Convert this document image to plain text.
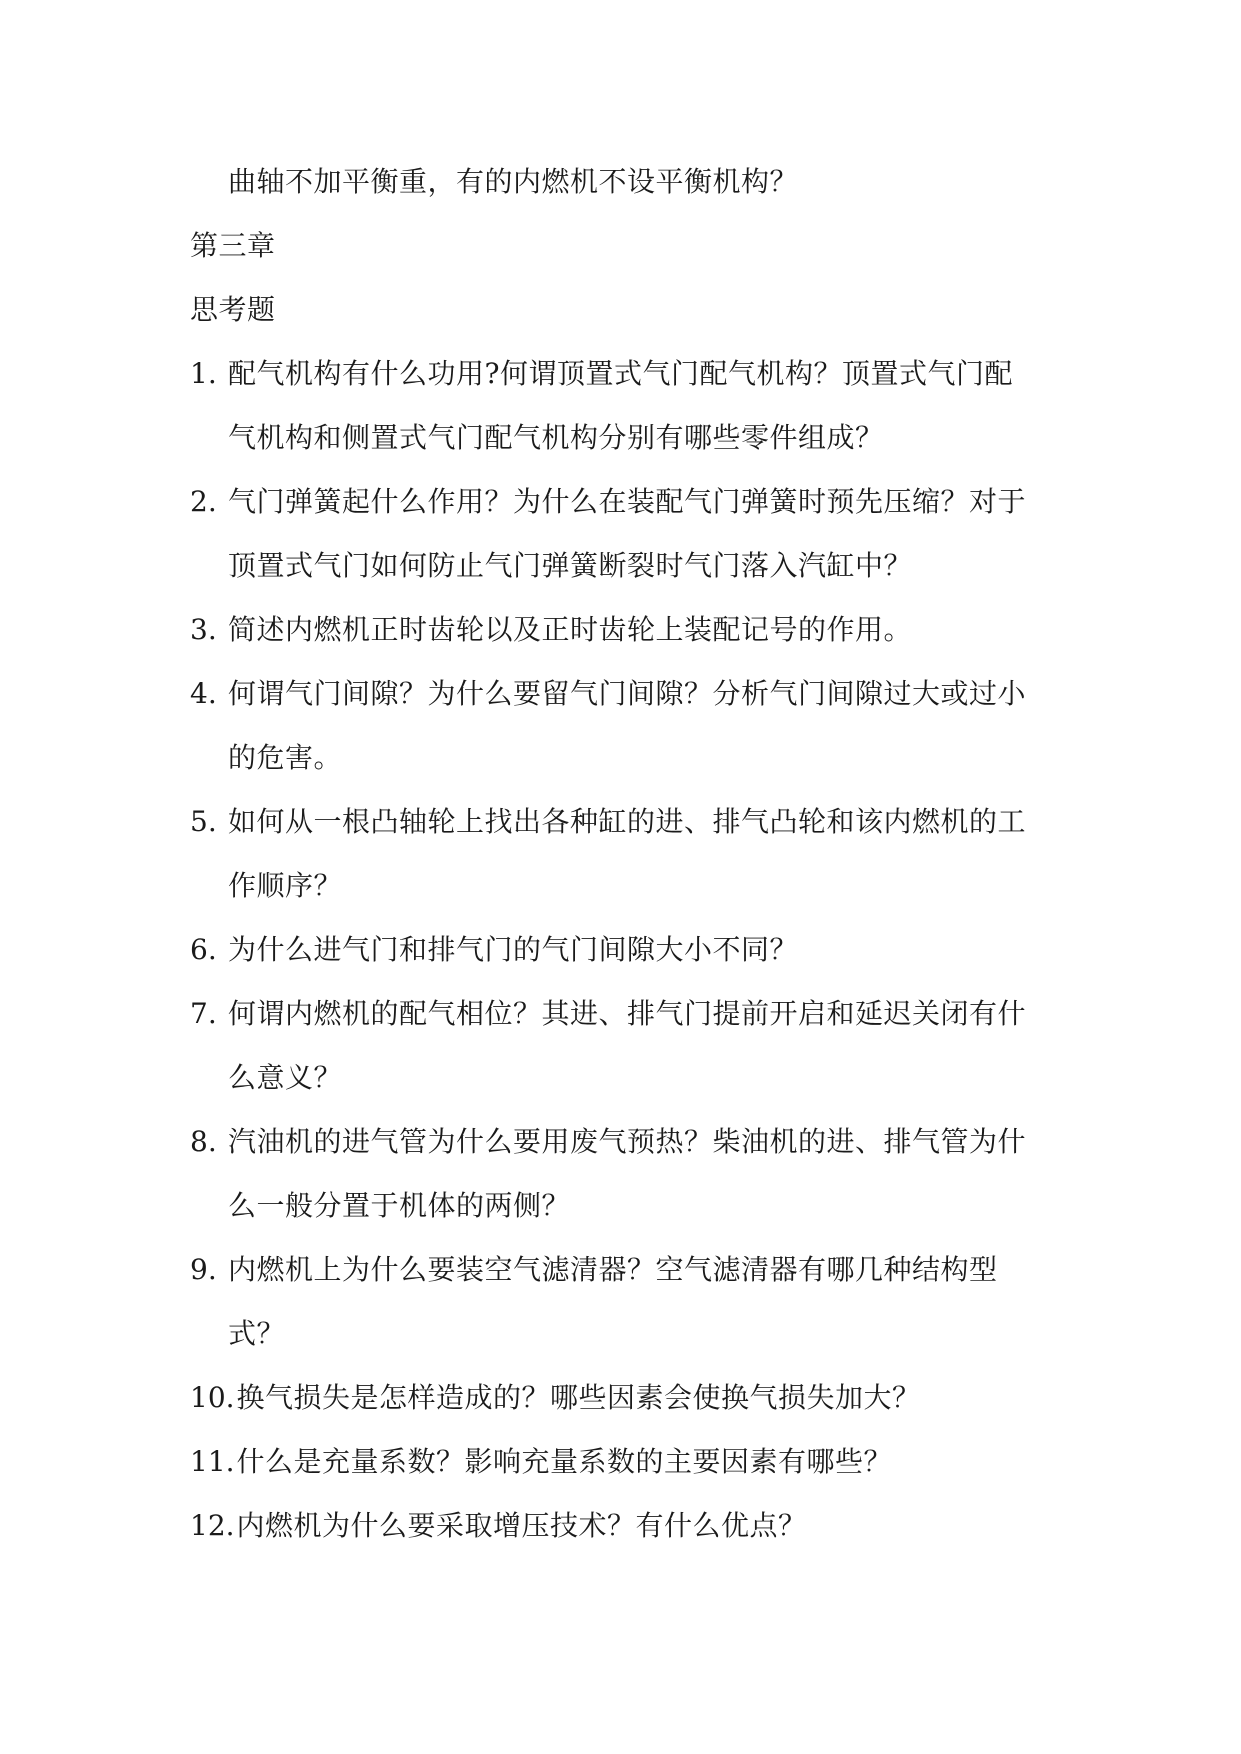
曲轴不加平衡重，有的内燃机不设平衡机构？
第三章
思考题
1. 配气机构有什么功用?何谓顶置式气门配气机构？顶置式气门配
气机构和侧置式气门配气机构分别有哪些零件组成？
2. 气门弹簧起什么作用？为什么在装配气门弹簧时预先压缩？对于
顶置式气门如何防止气门弹簧断裂时气门落入汽缸中？
3. 简述内燃机正时齿轮以及正时齿轮上装配记号的作用。
4. 何谓气门间隙？为什么要留气门间隙？分析气门间隙过大或过小
的危害。
5. 如何从一根凸轴轮上找出各种缸的进、排气凸轮和该内燃机的工
作顺序？
6. 为什么进气门和排气门的气门间隙大小不同？
7. 何谓内燃机的配气相位？其进、排气门提前开启和延迟关闭有什
么意义？
8. 汽油机的进气管为什么要用废气预热？柴油机的进、排气管为什
么一般分置于机体的两侧？
9. 内燃机上为什么要装空气滤清器？空气滤清器有哪几种结构型
式？
10. 换气损失是怎样造成的？哪些因素会使换气损失加大？
11. 什么是充量系数？影响充量系数的主要因素有哪些？
12. 内燃机为什么要采取增压技术？有什么优点？
